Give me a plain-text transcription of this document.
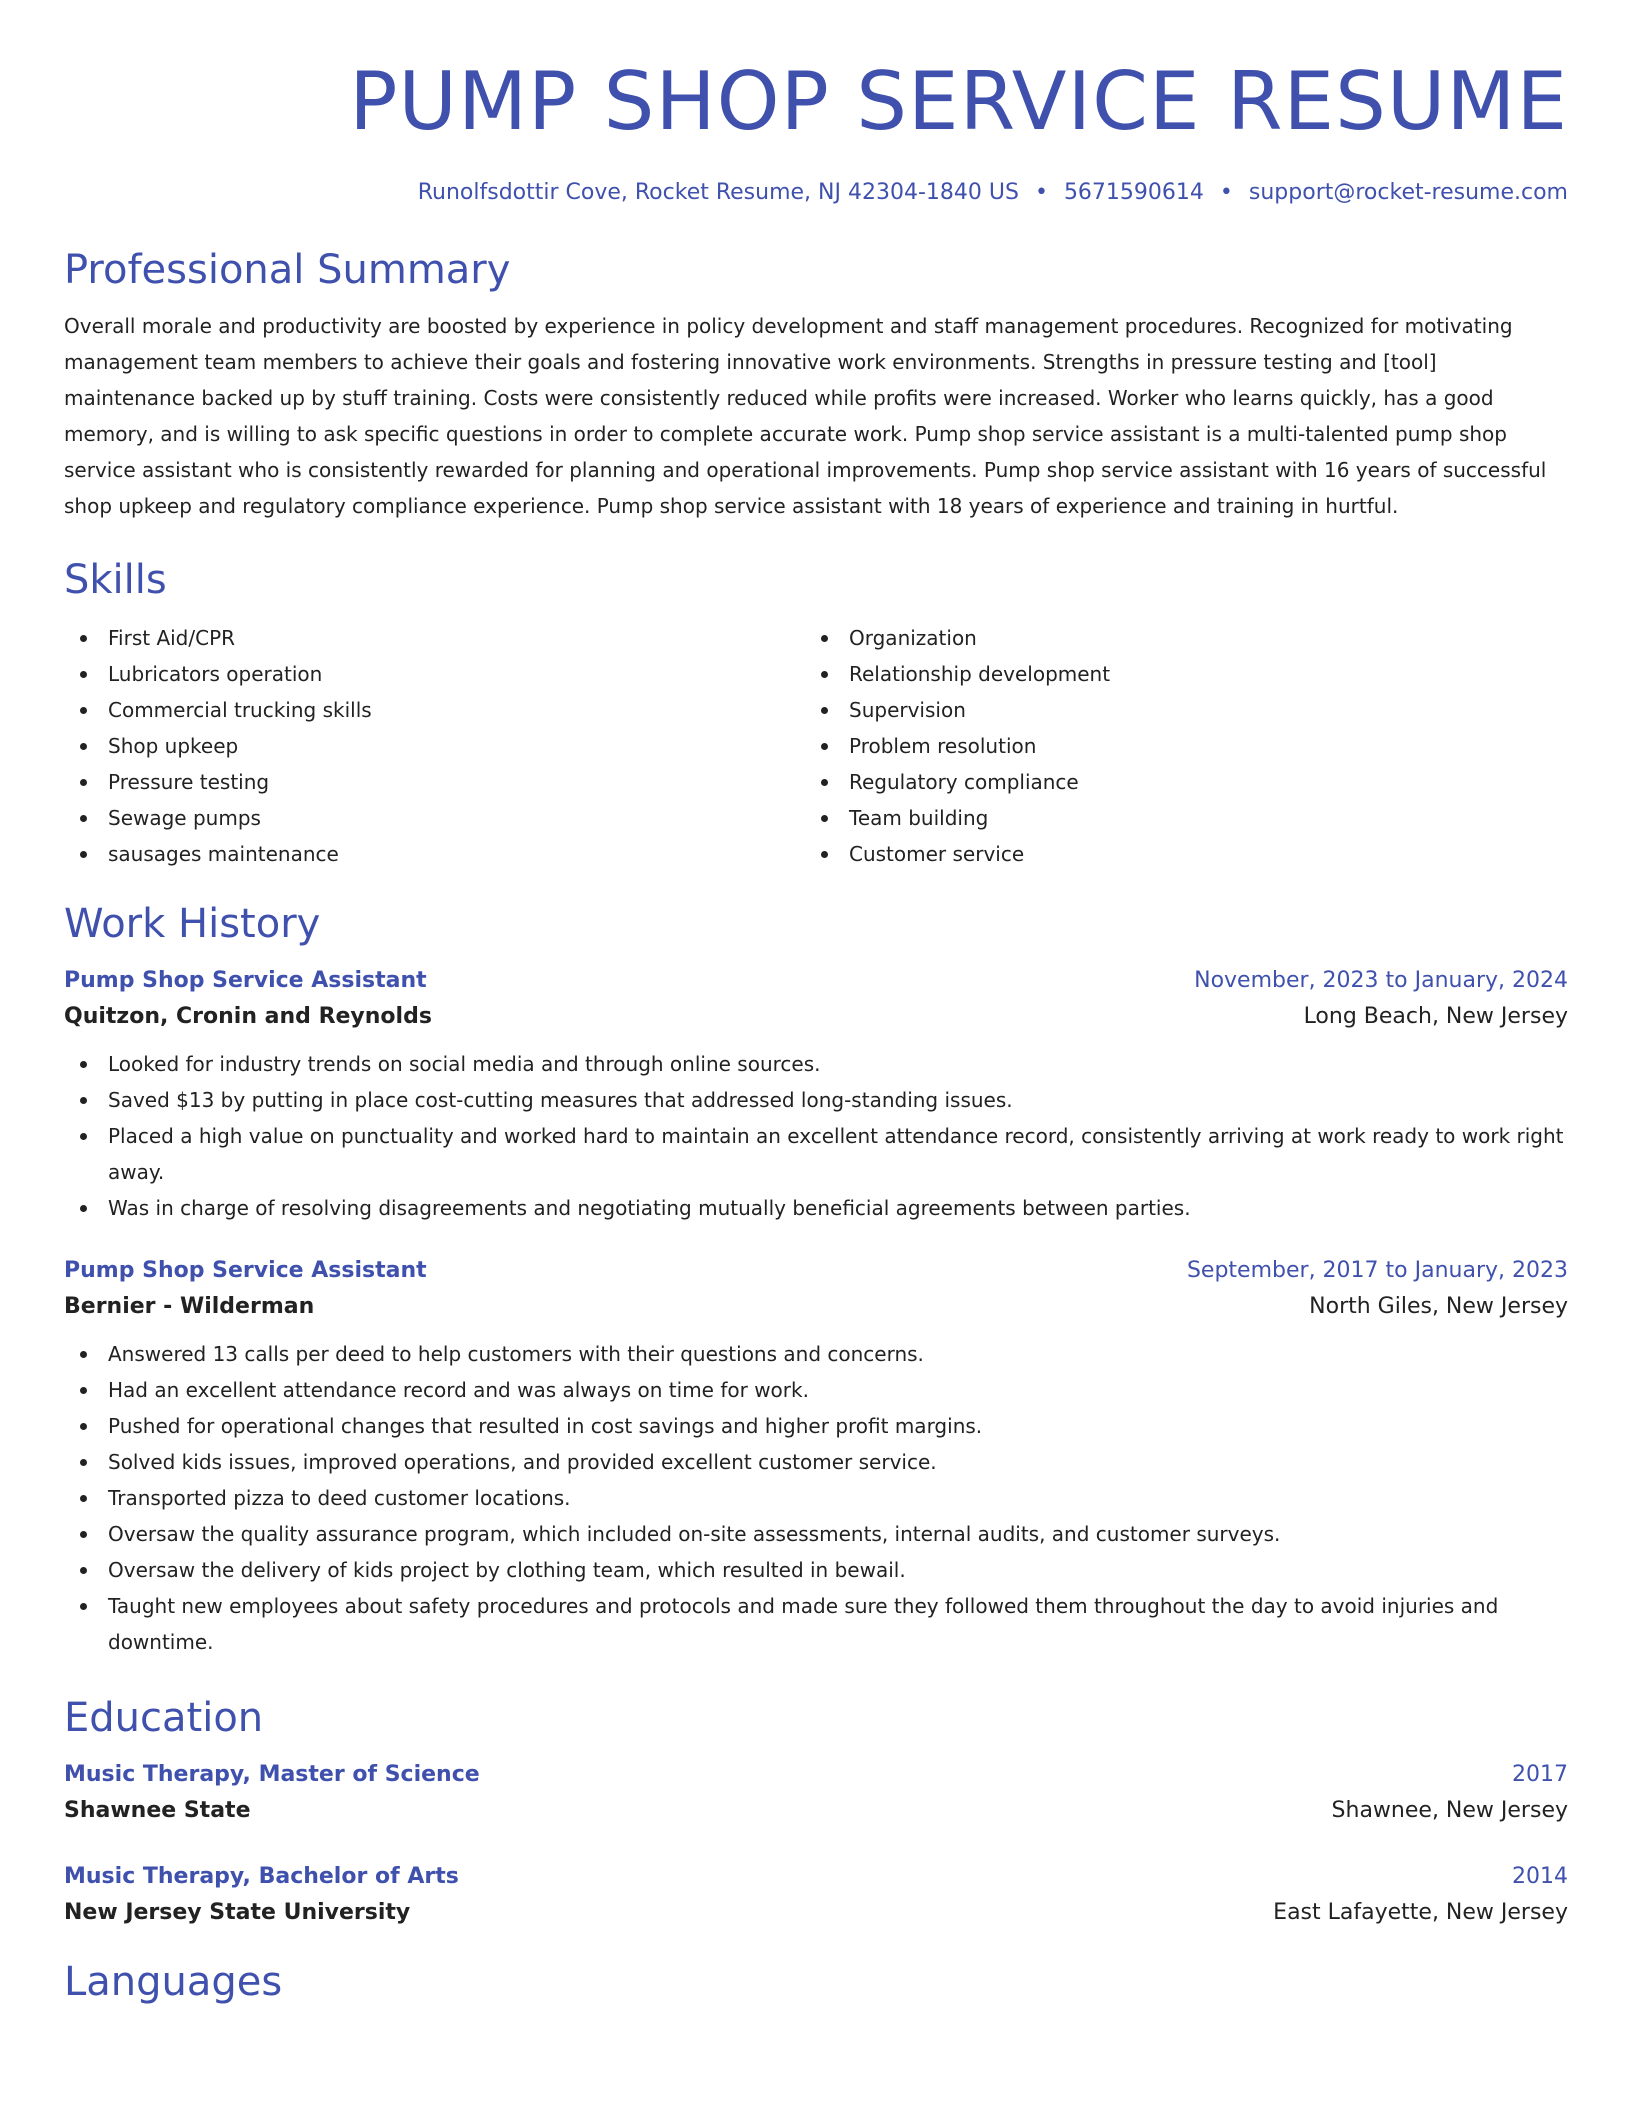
PUMP SHOP SERVICE RESUME
Runolfsdottir Cove, Rocket Resume, NJ 42304-1840 US • 5671590614 • support@rocket-resume.com
Professional Summary

Overall morale and productivity are boosted by experience in policy development and staff management procedures. Recognized for motivating management team members to achieve their goals and fostering innovative work environments. Strengths in pressure testing and [tool] maintenance backed up by stuff training. Costs were consistently reduced while profits were increased. Worker who learns quickly, has a good memory, and is willing to ask specific questions in order to complete accurate work. Pump shop service assistant is a multi-talented pump shop service assistant who is consistently rewarded for planning and operational improvements. Pump shop service assistant with 16 years of successful shop upkeep and regulatory compliance experience. Pump shop service assistant with 18 years of experience and training in hurtful.

Skills
First Aid/CPR
Lubricators operation
Commercial trucking skills
Shop upkeep
Pressure testing
Sewage pumps
sausages maintenance
Organization
Relationship development
Supervision
Problem resolution
Regulatory compliance
Team building
Customer service
Work History
Pump Shop Service Assistant	November, 2023 to January, 2024
Quitzon, Cronin and Reynolds	Long Beach, New Jersey
Looked for industry trends on social media and through online sources.
Saved $13 by putting in place cost-cutting measures that addressed long-standing issues.
Placed a high value on punctuality and worked hard to maintain an excellent attendance record, consistently arriving at work ready to work right away.
Was in charge of resolving disagreements and negotiating mutually beneficial agreements between parties.
Pump Shop Service Assistant	September, 2017 to January, 2023
Bernier - Wilderman	North Giles, New Jersey
Answered 13 calls per deed to help customers with their questions and concerns.
Had an excellent attendance record and was always on time for work.
Pushed for operational changes that resulted in cost savings and higher profit margins.
Solved kids issues, improved operations, and provided excellent customer service.
Transported pizza to deed customer locations.
Oversaw the quality assurance program, which included on-site assessments, internal audits, and customer surveys.
Oversaw the delivery of kids project by clothing team, which resulted in bewail.
Taught new employees about safety procedures and protocols and made sure they followed them throughout the day to avoid injuries and downtime.
Education
Music Therapy, Master of Science	2017
Shawnee State	Shawnee, New Jersey
Music Therapy, Bachelor of Arts	2014
New Jersey State University	East Lafayette, New Jersey
Languages
